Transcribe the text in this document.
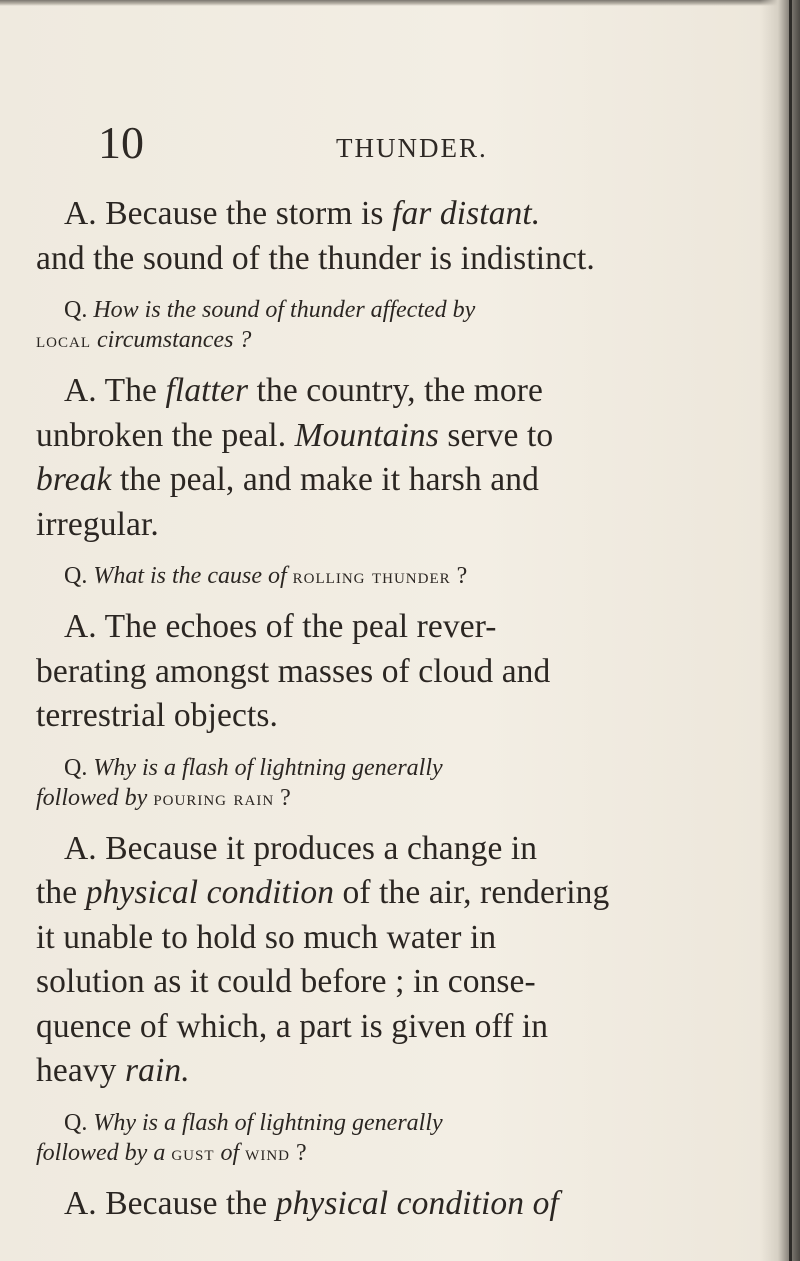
10	THUNDER.
A. Because the storm is far distant.
and the sound of the thunder is indistinct.
Q. How is the sound of thunder affected by
local circumstances ?
A. The flatter the country, the more
unbroken the peal. Mountains serve to
break the peal, and make it harsh and
irregular.
Q. What is the cause of rolling thunder ?
A. The echoes of the peal rever-
berating amongst masses of cloud and
terrestrial objects.
Q. Why is a flash of lightning generally
followed by pouring rain ?
A. Because it produces a change in
the physical condition of the air, rendering
it unable to hold so much water in
solution as it could before ; in conse-
quence of which, a part is given off in
heavy rain.
Q. Why is a flash of lightning generally
followed by a gust of wind ?
A. Because the physical condition of
